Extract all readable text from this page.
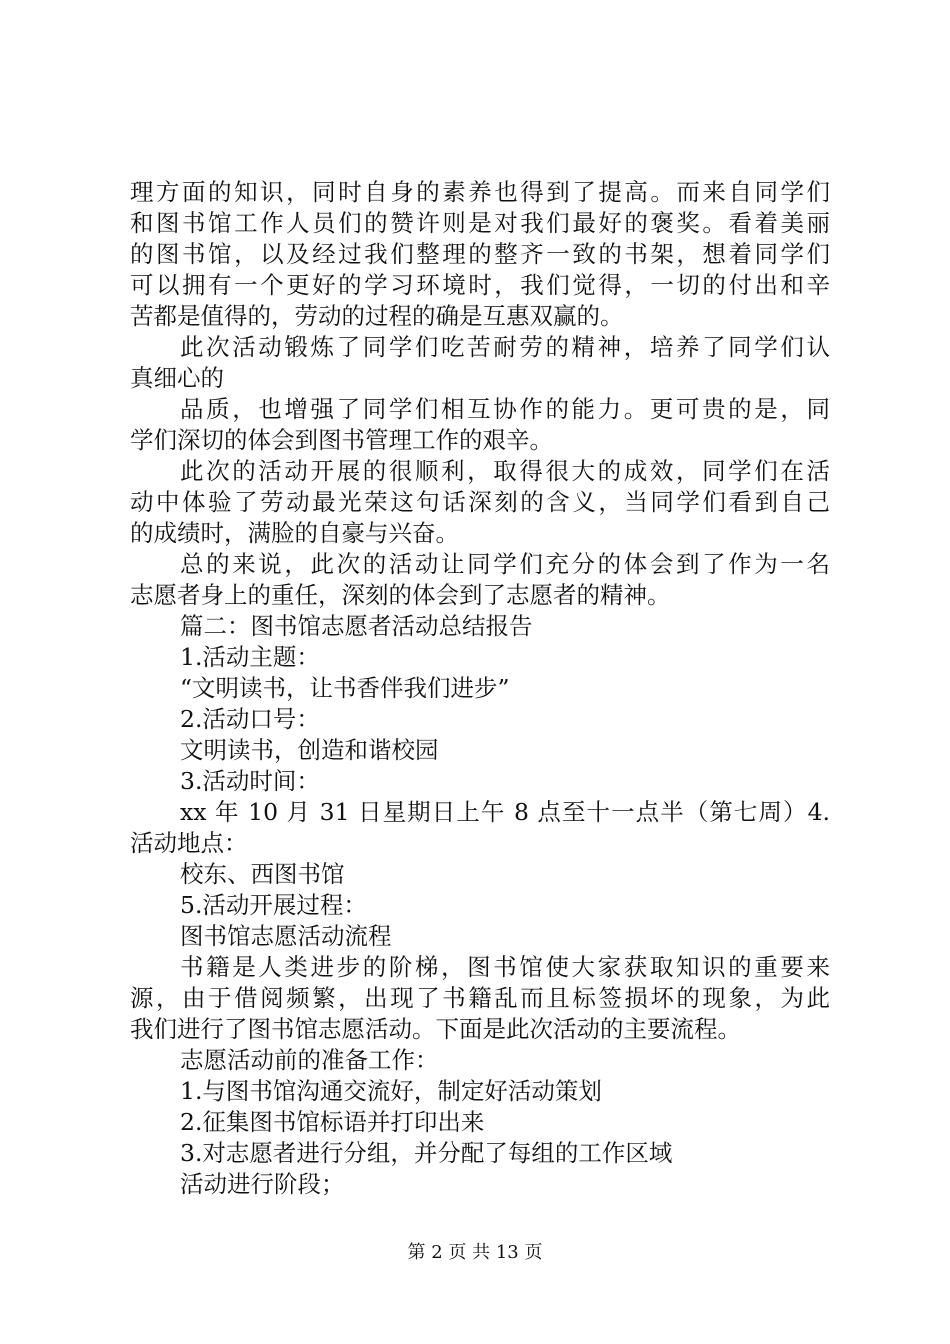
理方面的知识，同时自身的素养也得到了提高。而来自同学们
和图书馆工作人员们的赞许则是对我们最好的褒奖。看着美丽
的图书馆，以及经过我们整理的整齐一致的书架，想着同学们
可以拥有一个更好的学习环境时，我们觉得，一切的付出和辛
苦都是值得的，劳动的过程的确是互惠双赢的。
此次活动锻炼了同学们吃苦耐劳的精神，培养了同学们认
真细心的
品质，也增强了同学们相互协作的能力。更可贵的是，同
学们深切的体会到图书管理工作的艰辛。
此次的活动开展的很顺利，取得很大的成效，同学们在活
动中体验了劳动最光荣这句话深刻的含义，当同学们看到自己
的成绩时，满脸的自豪与兴奋。
总的来说，此次的活动让同学们充分的体会到了作为一名
志愿者身上的重任，深刻的体会到了志愿者的精神。
篇二：图书馆志愿者活动总结报告
1.活动主题：
“文明读书，让书香伴我们进步”
2.活动口号：
文明读书，创造和谐校园
3.活动时间：
xx 年 10 月 31 日星期日上午 8 点至十一点半（第七周）4.
活动地点：
校东、西图书馆
5.活动开展过程：
图书馆志愿活动流程
书籍是人类进步的阶梯，图书馆使大家获取知识的重要来
源，由于借阅频繁，出现了书籍乱而且标签损坏的现象，为此
我们进行了图书馆志愿活动。下面是此次活动的主要流程。
志愿活动前的准备工作：
1.与图书馆沟通交流好，制定好活动策划
2.征集图书馆标语并打印出来
3.对志愿者进行分组，并分配了每组的工作区域
活动进行阶段；
第 2 页 共 13 页
